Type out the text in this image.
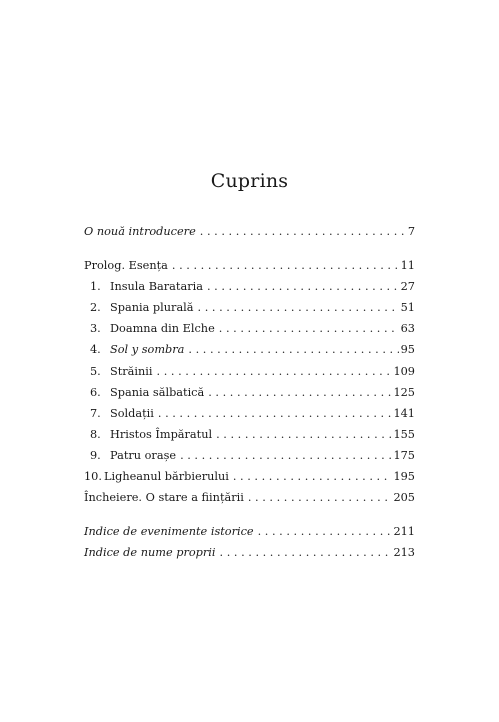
Cuprins
O nouă introducere . . .	7
Prolog. Esența . . .	11
1. Insula Barataria . . .	27
2. Spania plurală . . .	51
3. Doamna din Elche . . .	63
4. Sol y sombra . . .	95
5. Străinii . . .	109
6. Spania sălbatică . . .	125
7. Soldații . . .	141
8. Hristos Împăratul . . .	155
9. Patru orașe . . .	175
10. Ligheanul bărbierului . . .	195
Încheiere. O stare a ființării . . .	205
Indice de evenimente istorice . . .	211
Indice de nume proprii . . .	213
